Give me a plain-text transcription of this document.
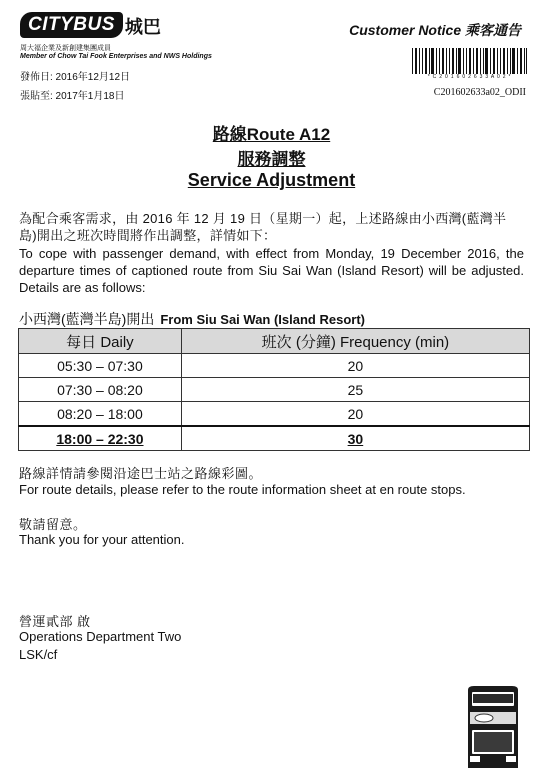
CITYBUS 城巴
周大福企業及新創建集團成員
Member of Chow Tai Fook Enterprises and NWS Holdings
發佈日: 2016年12月12日
張貼至: 2017年1月18日
Customer Notice 乘客通告
* C 2 0 1 6 0 2 6 3 3 A 0 2 *
C201602633a02_ODII
路線Route A12
服務調整
Service Adjustment
為配合乘客需求，由 2016 年 12 月 19 日（星期一）起，上述路線由小西灣(藍灣半島)開出之班次時間將作出調整，詳情如下：
To cope with passenger demand, with effect from Monday, 19 December 2016, the departure times of captioned route from Siu Sai Wan (Island Resort) will be adjusted. Details are as follows:
小西灣(藍灣半島)開出 From Siu Sai Wan (Island Resort)
每日 Daily	班次 (分鐘) Frequency (min)
05:30 – 07:30	20
07:30 – 08:20	25
08:20 – 18:00	20
18:00 – 22:30	30
路線詳情請參閱沿途巴士站之路線彩圖。
For route details, please refer to the route information sheet at en route stops.
敬請留意。
Thank you for your attention.
營運貳部 啟
Operations Department Two
LSK/cf
